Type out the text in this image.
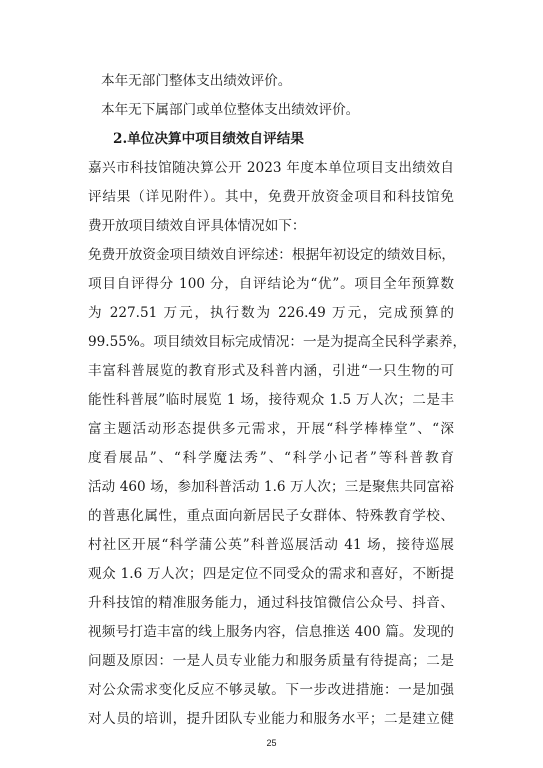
本年无部门整体支出绩效评价。
本年无下属部门或单位整体支出绩效评价。
2.单位决算中项目绩效自评结果
嘉兴市科技馆随决算公开 2023 年度本单位项目支出绩效自
评结果（详见附件）。其中，免费开放资金项目和科技馆免
费开放项目绩效自评具体情况如下：
免费开放资金项目绩效自评综述：根据年初设定的绩效目标，
项目自评得分 100 分，自评结论为“优”。项目全年预算数
为 227.51 万元，执行数为 226.49 万元，完成预算的
99.55%。项目绩效目标完成情况：一是为提高全民科学素养，
丰富科普展览的教育形式及科普内涵，引进“一只生物的可
能性科普展”临时展览 1 场，接待观众 1.5 万人次；二是丰
富主题活动形态提供多元需求，开展“科学棒棒堂”、“深
度看展品”、“科学魔法秀”、“科学小记者”等科普教育
活动 460 场，参加科普活动 1.6 万人次；三是聚焦共同富裕
的普惠化属性，重点面向新居民子女群体、特殊教育学校、
村社区开展“科学蒲公英”科普巡展活动 41 场，接待巡展
观众 1.6 万人次；四是定位不同受众的需求和喜好，不断提
升科技馆的精准服务能力，通过科技馆微信公众号、抖音、
视频号打造丰富的线上服务内容，信息推送 400 篇。发现的
问题及原因：一是人员专业能力和服务质量有待提高；二是
对公众需求变化反应不够灵敏。下一步改进措施：一是加强
对人员的培训，提升团队专业能力和服务水平；二是建立健
25
